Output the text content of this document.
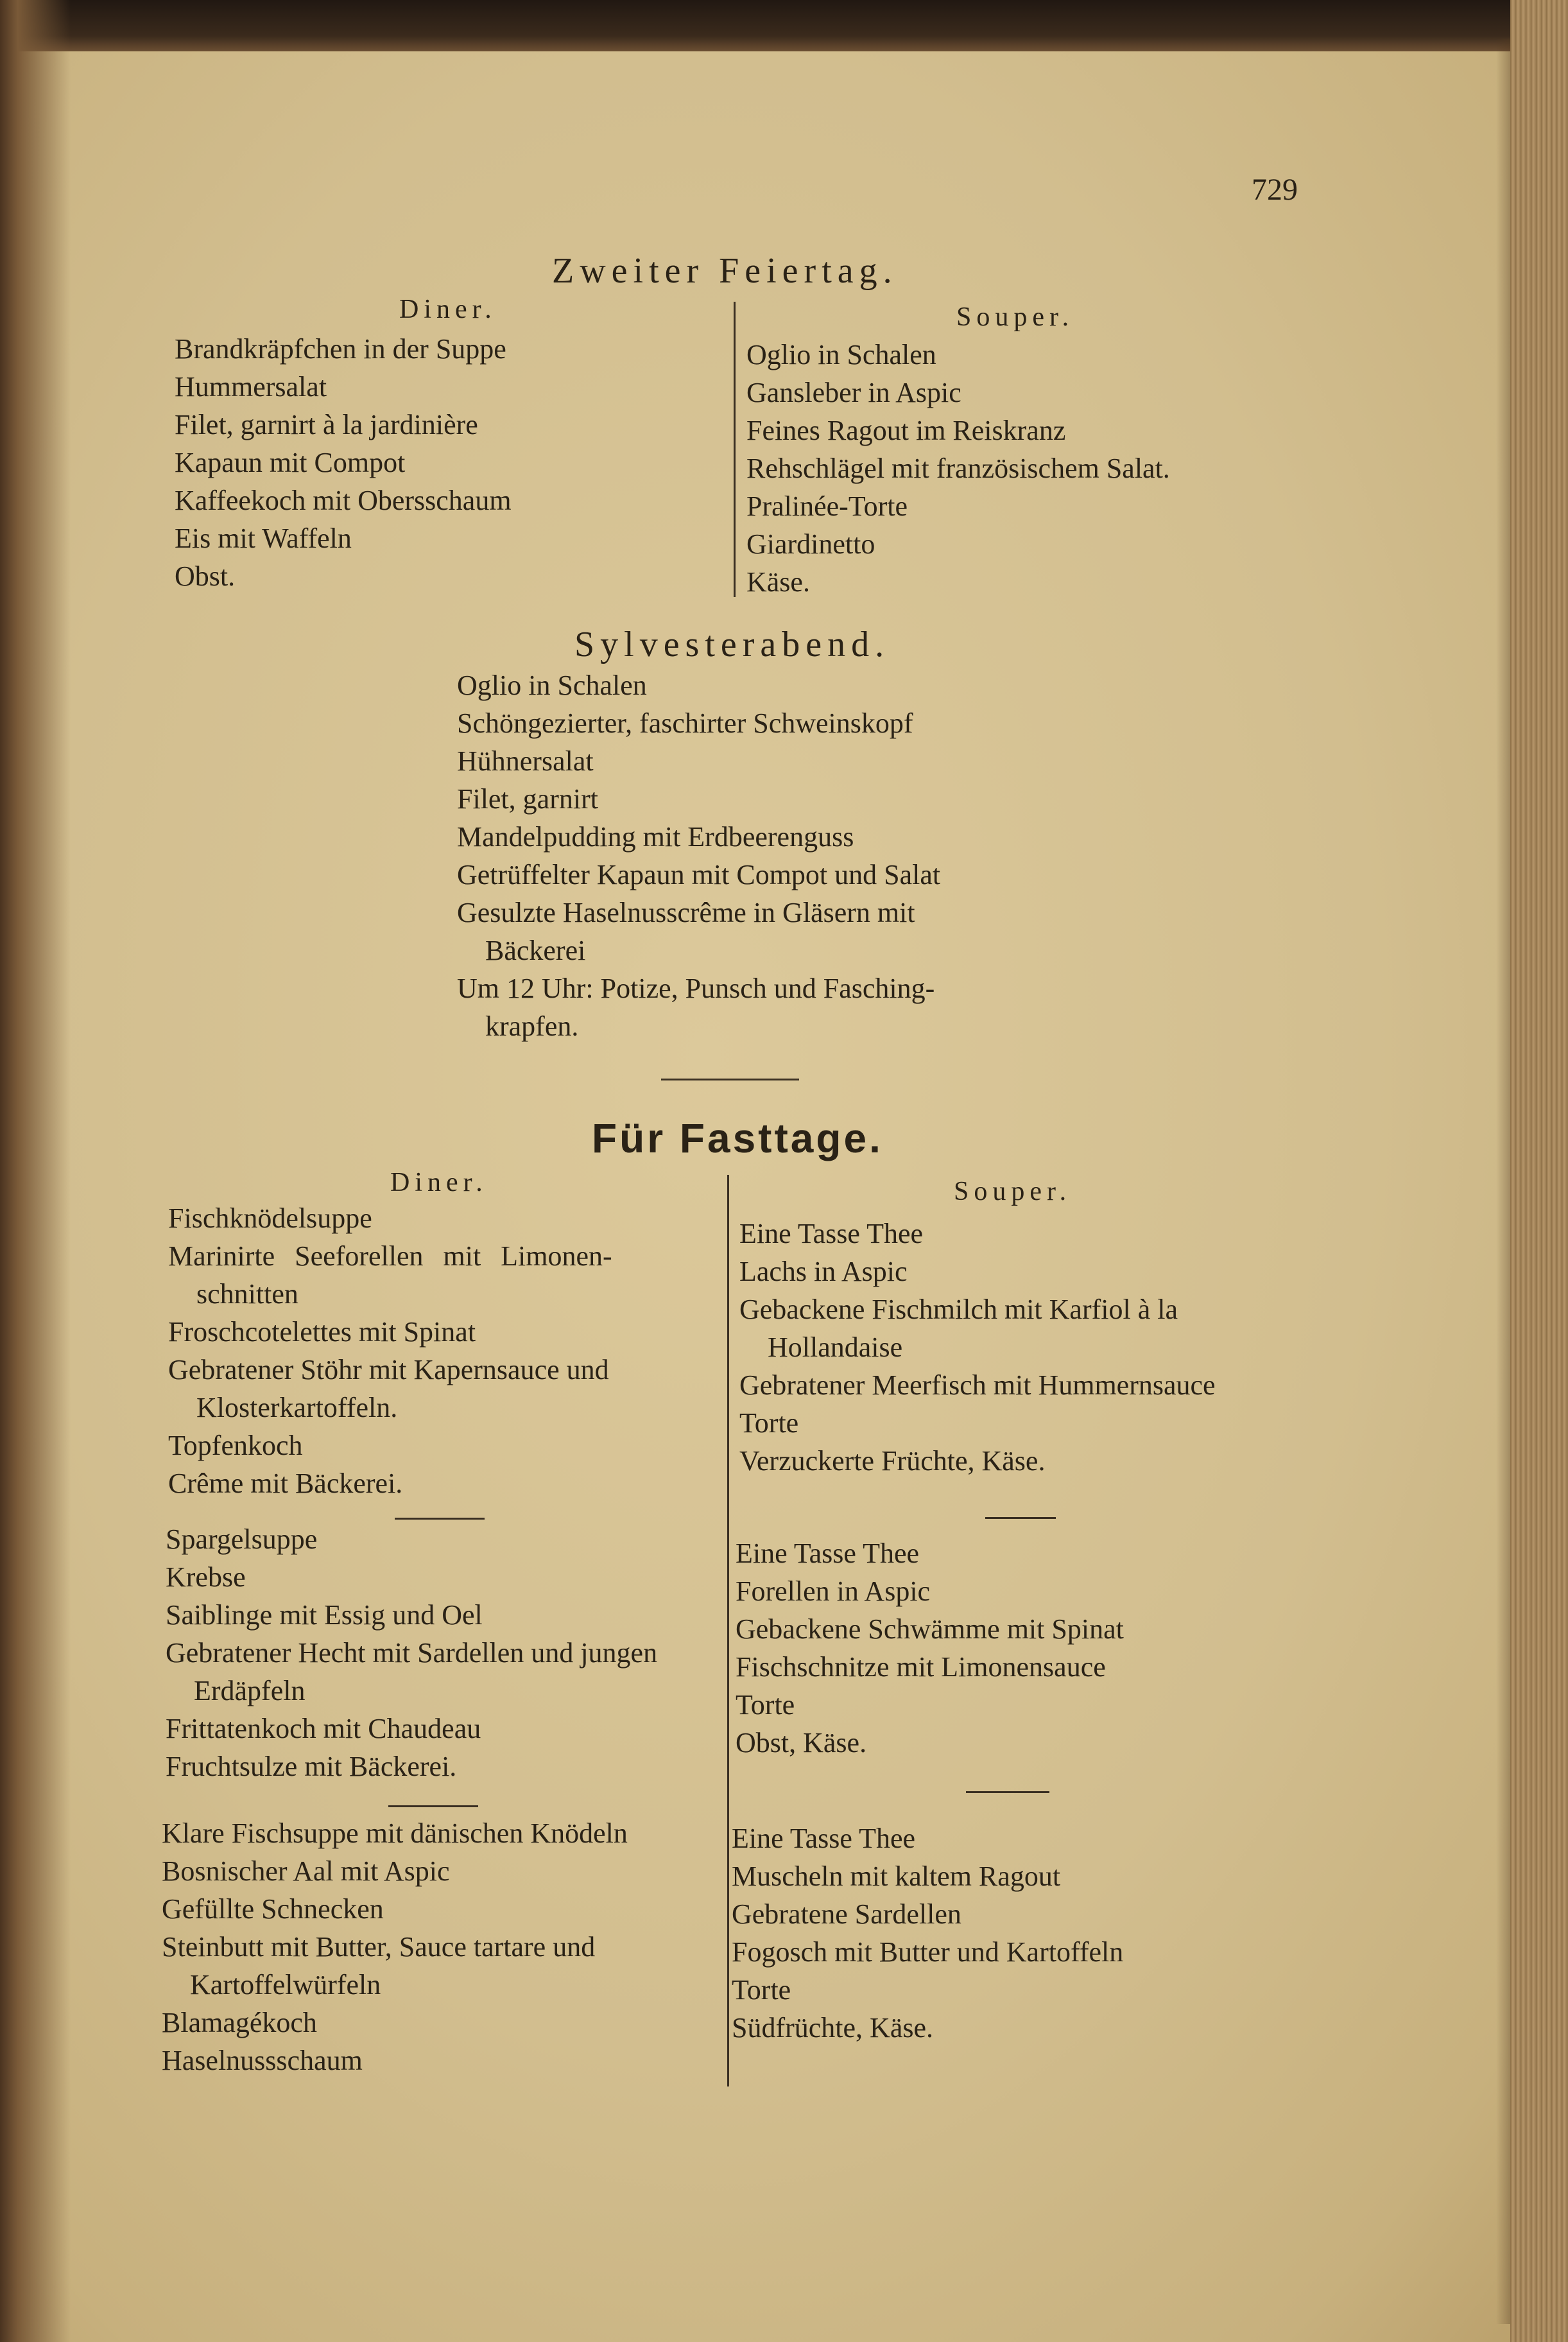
729
Zweiter Feiertag.
Diner.
Brandkräpfchen in der Suppe
Hummersalat
Filet, garnirt à la jardinière
Kapaun mit Compot
Kaffeekoch mit Obersschaum
Eis mit Waffeln
Obst.
Souper.
Oglio in Schalen
Gansleber in Aspic
Feines Ragout im Reiskranz
Rehschlägel mit französischem Salat.
Pralinée-Torte
Giardinetto
Käse.
Sylvesterabend.
Oglio in Schalen
Schöngezierter, faschirter Schweinskopf
Hühnersalat
Filet, garnirt
Mandelpudding mit Erdbeerenguss
Getrüffelter Kapaun mit Compot und Salat
Gesulzte Haselnusscrême in Gläsern mit
Bäckerei
Um 12 Uhr: Potize, Punsch und Fasching-
krapfen.
Für Fasttage.
Diner.	Souper.
Fischknödelsuppe
Marinirte Seeforellen mit Limonen-
schnitten
Froschcotelettes mit Spinat
Gebratener Stöhr mit Kapernsauce und
Klosterkartoffeln.
Topfenkoch
Crême mit Bäckerei.
Spargelsuppe
Krebse
Saiblinge mit Essig und Oel
Gebratener Hecht mit Sardellen und jungen
Erdäpfeln
Frittatenkoch mit Chaudeau
Fruchtsulze mit Bäckerei.
Klare Fischsuppe mit dänischen Knödeln
Bosnischer Aal mit Aspic
Gefüllte Schnecken
Steinbutt mit Butter, Sauce tartare und
Kartoffelwürfeln
Blamagékoch
Haselnussschaum
Eine Tasse Thee
Lachs in Aspic
Gebackene Fischmilch mit Karfiol à la
Hollandaise
Gebratener Meerfisch mit Hummernsauce
Torte
Verzuckerte Früchte, Käse.
Eine Tasse Thee
Forellen in Aspic
Gebackene Schwämme mit Spinat
Fischschnitze mit Limonensauce
Torte
Obst, Käse.
Eine Tasse Thee
Muscheln mit kaltem Ragout
Gebratene Sardellen
Fogosch mit Butter und Kartoffeln
Torte
Südfrüchte, Käse.
